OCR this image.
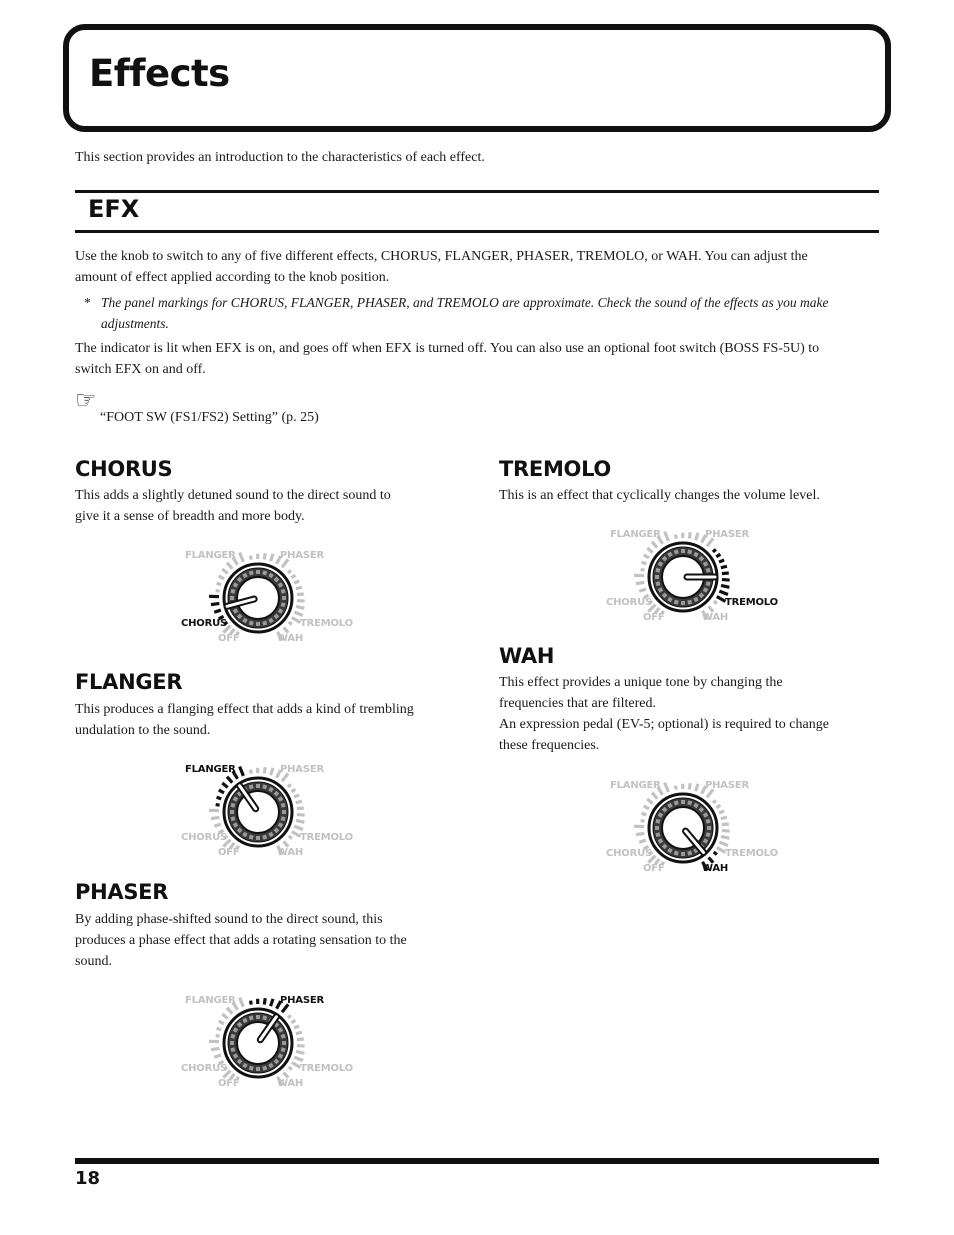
Effects
This section provides an introduction to the characteristics of each effect.
EFX
Use the knob to switch to any of five different effects, CHORUS, FLANGER, PHASER, TREMOLO, or WAH. You can adjust the
amount of effect applied according to the knob position.
* The panel markings for CHORUS, FLANGER, PHASER, and TREMOLO are approximate. Check the sound of the effects as you make
adjustments.
The indicator is lit when EFX is on, and goes off when EFX is turned off. You can also use an optional foot switch (BOSS FS-5U) to
switch EFX on and off.
☞
“FOOT SW (FS1/FS2) Setting” (p. 25)
CHORUS
This adds a slightly detuned sound to the direct sound to
give it a sense of breadth and more body.
FLANGER	PHASER
CHORUS	TREMOLO
OFF	WAH
FLANGER
This produces a flanging effect that adds a kind of trembling
undulation to the sound.
FLANGER	PHASER
CHORUS	TREMOLO
OFF	WAH
PHASER
By adding phase-shifted sound to the direct sound, this
produces a phase effect that adds a rotating sensation to the
sound.
FLANGER	PHASER
CHORUS	TREMOLO
OFF	WAH
TREMOLO
This is an effect that cyclically changes the volume level.
FLANGER	PHASER
CHORUS	TREMOLO
OFF	WAH
WAH
This effect provides a unique tone by changing the
frequencies that are filtered.
An expression pedal (EV-5; optional) is required to change
these frequencies.
FLANGER	PHASER
CHORUS	TREMOLO
OFF	WAH
18
